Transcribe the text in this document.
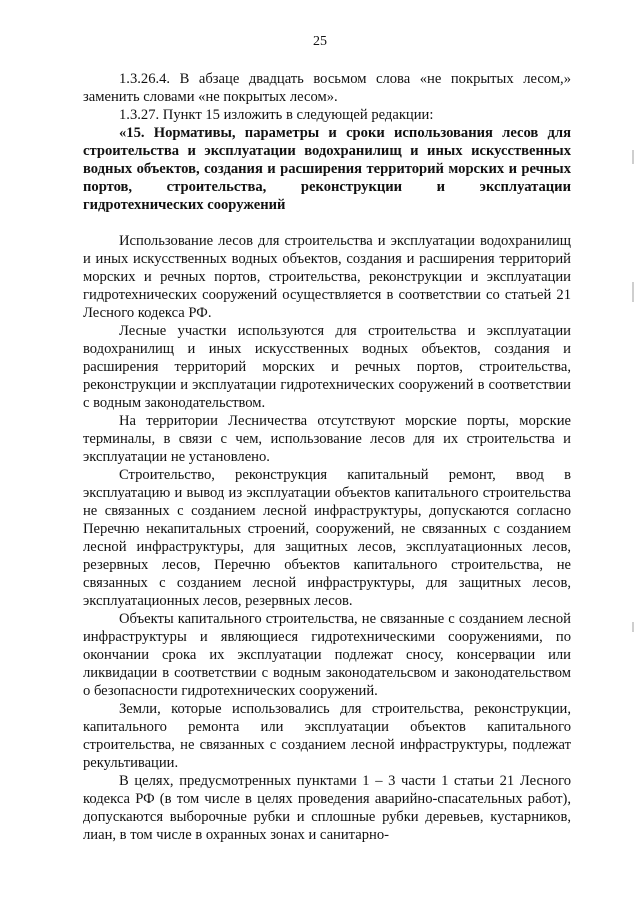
25

1.3.26.4. В абзаце двадцать восьмом слова «не покрытых лесом,» заменить словами «не покрытых лесом».

1.3.27. Пункт 15 изложить в следующей редакции:

«15. Нормативы, параметры и сроки использования лесов для строительства и эксплуатации водохранилищ и иных искусственных водных объектов, создания и расширения территорий морских и речных портов, строительства, реконструкции и эксплуатации гидротехнических сооружений

Использование лесов для строительства и эксплуатации водохранилищ и иных искусственных водных объектов, создания и расширения территорий морских и речных портов, строительства, реконструкции и эксплуатации гидротехнических сооружений осуществляется в соответствии со статьей 21 Лесного кодекса РФ.

Лесные участки используются для строительства и эксплуатации водохранилищ и иных искусственных водных объектов, создания и расширения территорий морских и речных портов, строительства, реконструкции и эксплуатации гидротехнических сооружений в соответствии с водным законодательством.

На территории Лесничества отсутствуют морские порты, морские терминалы, в связи с чем, использование лесов для их строительства и эксплуатации не установлено.

Строительство, реконструкция капитальный ремонт, ввод в эксплуатацию и вывод из эксплуатации объектов капитального строительства не связанных с созданием лесной инфраструктуры, допускаются согласно Перечню некапитальных строений, сооружений, не связанных с созданием лесной инфраструктуры, для защитных лесов, эксплуатационных лесов, резервных лесов, Перечню объектов капитального строительства, не связанных с созданием лесной инфраструктуры, для защитных лесов, эксплуатационных лесов, резервных лесов.

Объекты капитального строительства, не связанные с созданием лесной инфраструктуры и являющиеся гидротехническими сооружениями, по окончании срока их эксплуатации подлежат сносу, консервации или ликвидации в соответствии с водным законодательсвом и законодательством о безопасности гидротехнических сооружений.

Земли, которые использовались для строительства, реконструкции, капитального ремонта или эксплуатации объектов капитального строительства, не связанных с созданием лесной инфраструктуры, подлежат рекультивации.

В целях, предусмотренных пунктами 1 – 3 части 1 статьи 21 Лесного кодекса РФ (в том числе в целях проведения аварийно-спасательных работ), допускаются выборочные рубки и сплошные рубки деревьев, кустарников, лиан, в том числе в охранных зонах и санитарно-
